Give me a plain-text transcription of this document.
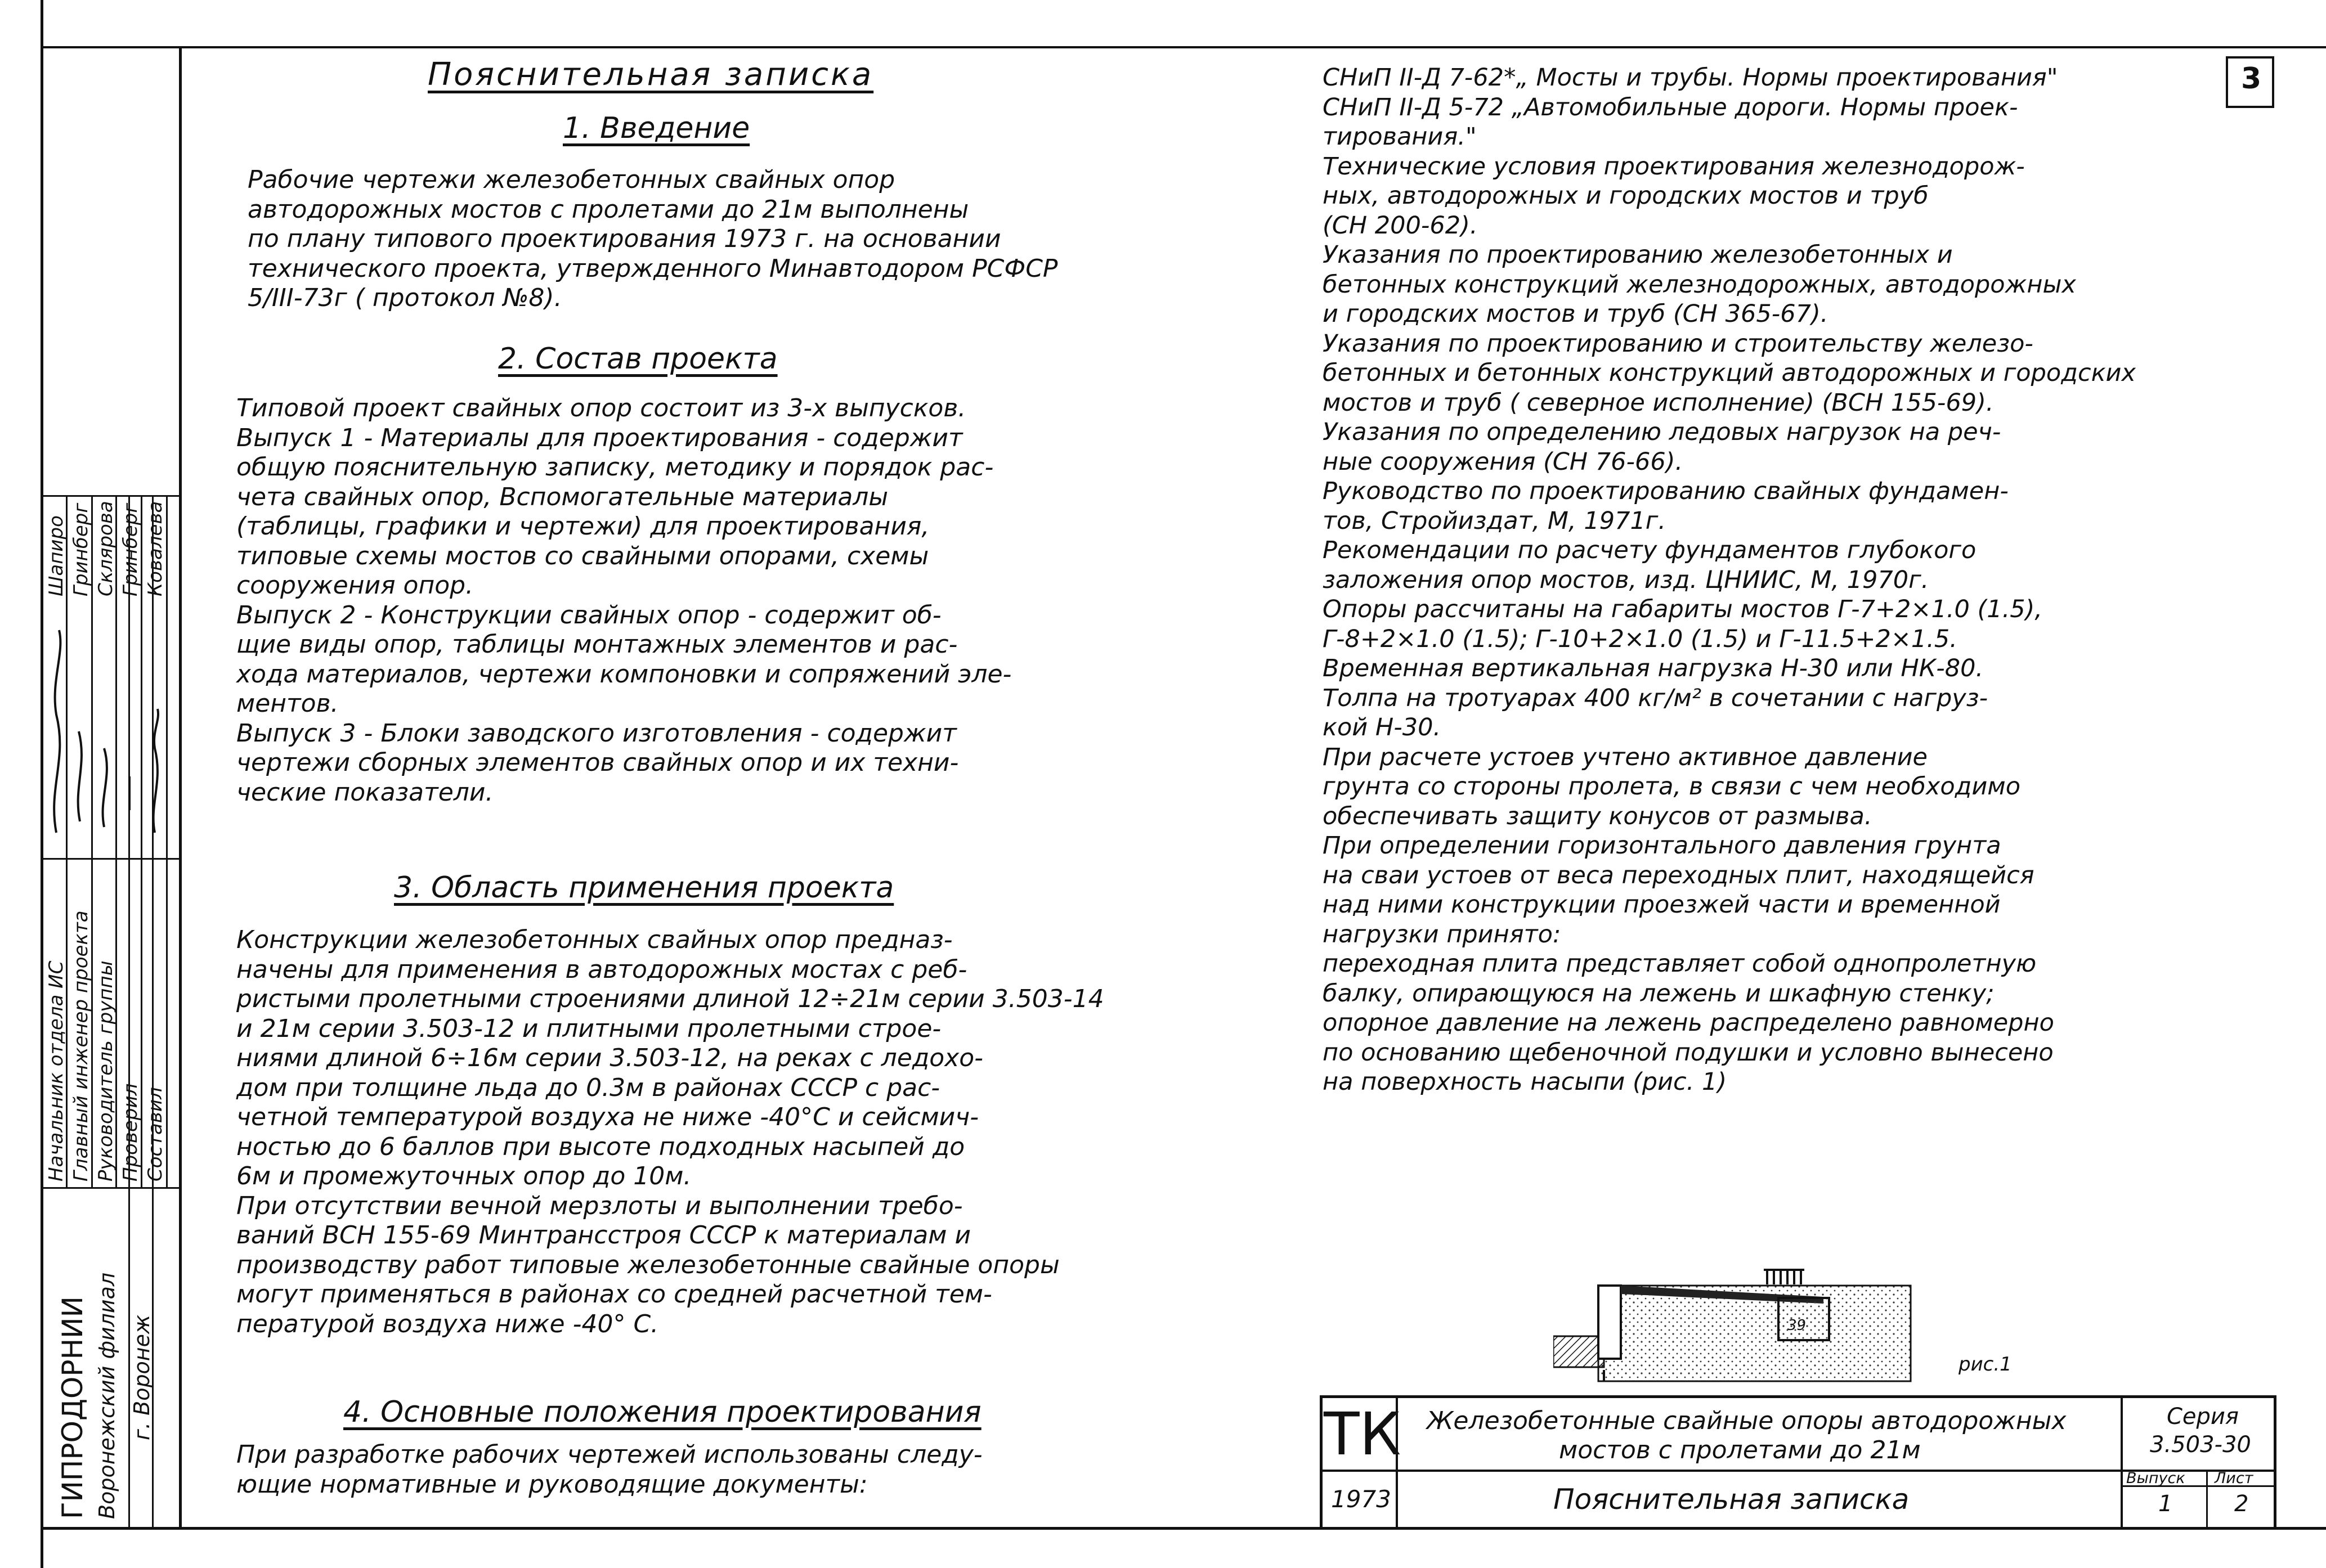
3
Начальник отдела ИС Главный инженер проекта Руководитель группы Проверил Составил
Шапиро Гринберг Склярова Гринберг Ковалева
ГИПРОДОРНИИ Воронежский филиал г. Воронеж
Пояснительная записка
1. Введение
Рабочие чертежи железобетонных свайных опор
автодорожных мостов с пролетами до 21м выполнены
по плану типового проектирования 1973 г. на основании
технического проекта, утвержденного Минавтодором РСФСР
5/III-73г ( протокол №8).
2. Состав проекта
Типовой проект свайных опор состоит из 3-х выпусков.
Выпуск 1 - Материалы для проектирования - содержит
общую пояснительную записку, методику и порядок рас-
чета свайных опор, Вспомогательные материалы
(таблицы, графики и чертежи) для проектирования,
типовые схемы мостов со свайными опорами, схемы
сооружения опор.
Выпуск 2 - Конструкции свайных опор - содержит об-
щие виды опор, таблицы монтажных элементов и рас-
хода материалов, чертежи компоновки и сопряжений эле-
ментов.
Выпуск 3 - Блоки заводского изготовления - содержит
чертежи сборных элементов свайных опор и их техни-
ческие показатели.
3. Область применения проекта
Конструкции железобетонных свайных опор предназ-
начены для применения в автодорожных мостах с реб-
ристыми пролетными строениями длиной 12÷21м серии 3.503-14
и 21м серии 3.503-12 и плитными пролетными строе-
ниями длиной 6÷16м серии 3.503-12, на реках с ледохо-
дом при толщине льда до 0.3м в районах СССР с рас-
четной температурой воздуха не ниже -40°С и сейсмич-
ностью до 6 баллов при высоте подходных насыпей до
6м и промежуточных опор до 10м.
При отсутствии вечной мерзлоты и выполнении требо-
ваний ВСН 155-69 Минтрансстроя СССР к материалам и
производству работ типовые железобетонные свайные опоры
могут применяться в районах со средней расчетной тем-
пературой воздуха ниже -40° С.
4. Основные положения проектирования
При разработке рабочих чертежей использованы следу-
ющие нормативные и руководящие документы:
СНиП II-Д 7-62*„ Мосты и трубы. Нормы проектирования"
СНиП II-Д 5-72 „Автомобильные дороги. Нормы проек-
тирования."
Технические условия проектирования железнодорож-
ных, автодорожных и городских мостов и труб
(СН 200-62).
Указания по проектированию железобетонных и
бетонных конструкций железнодорожных, автодорожных
и городских мостов и труб (СН 365-67).
Указания по проектированию и строительству железо-
бетонных и бетонных конструкций автодорожных и городских
мостов и труб ( северное исполнение) (ВСН 155-69).
Указания по определению ледовых нагрузок на реч-
ные сооружения (СН 76-66).
Руководство по проектированию свайных фундамен-
тов, Стройиздат, М, 1971г.
Рекомендации по расчету фундаментов глубокого
заложения опор мостов, изд. ЦНИИС, М, 1970г.
Опоры рассчитаны на габариты мостов Г-7+2×1.0 (1.5),
Г-8+2×1.0 (1.5); Г-10+2×1.0 (1.5) и Г-11.5+2×1.5.
Временная вертикальная нагрузка Н-30 или НК-80.
Толпа на тротуарах 400 кг/м² в сочетании с нагруз-
кой Н-30.
При расчете устоев учтено активное давление
грунта со стороны пролета, в связи с чем необходимо
обеспечивать защиту конусов от размыва.
При определении горизонтального давления грунта
на сваи устоев от веса переходных плит, находящейся
над ними конструкции проезжей части и временной
нагрузки принято:
переходная плита представляет собой однопролетную
балку, опирающуюся на лежень и шкафную стенку;
опорное давление на лежень распределено равномерно
по основанию щебеночной подушки и условно вынесено
на поверхность насыпи (рис. 1)
39
рис.1
ТК
1973
Железобетонные свайные опоры автодорожных
мостов с пролетами до 21м
Пояснительная записка
Серия
3.503-30
Выпуск
1
Лист
2
